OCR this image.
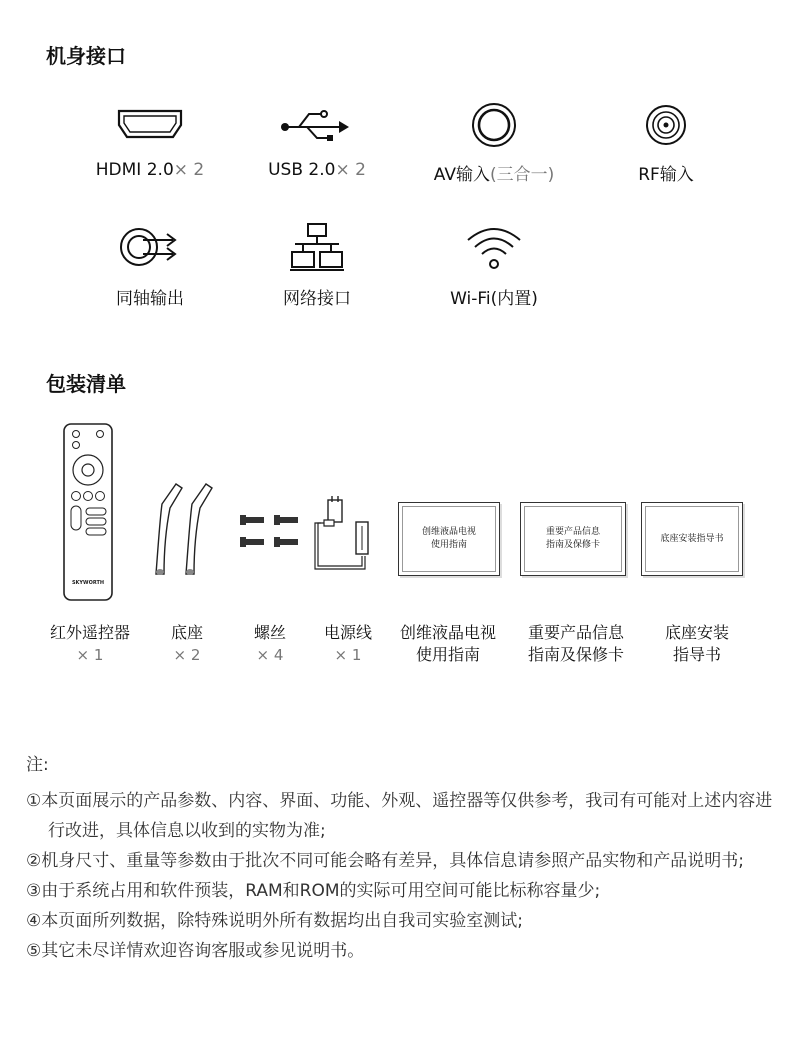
机身接口
HDMI 2.0× 2	USB 2.0× 2	AV输入(三合一)	RF输入
同轴输出	网络接口	Wi-Fi(内置)
包装清单
SKYWORTH
创维液晶电视
使用指南
重要产品信息
指南及保修卡
底座安装指导书
红外遥控器
× 1
底座
× 2
螺丝
× 4
电源线
× 1
创维液晶电视
使用指南
重要产品信息
指南及保修卡
底座安装
指导书
注:
①本页面展示的产品参数、内容、界面、功能、外观、遥控器等仅供参考，我司有可能对上述内容进行改进，具体信息以收到的实物为准;
②机身尺寸、重量等参数由于批次不同可能会略有差异，具体信息请参照产品实物和产品说明书;
③由于系统占用和软件预装，RAM和ROM的实际可用空间可能比标称容量少;
④本页面所列数据，除特殊说明外所有数据均出自我司实验室测试;
⑤其它未尽详情欢迎咨询客服或参见说明书。
